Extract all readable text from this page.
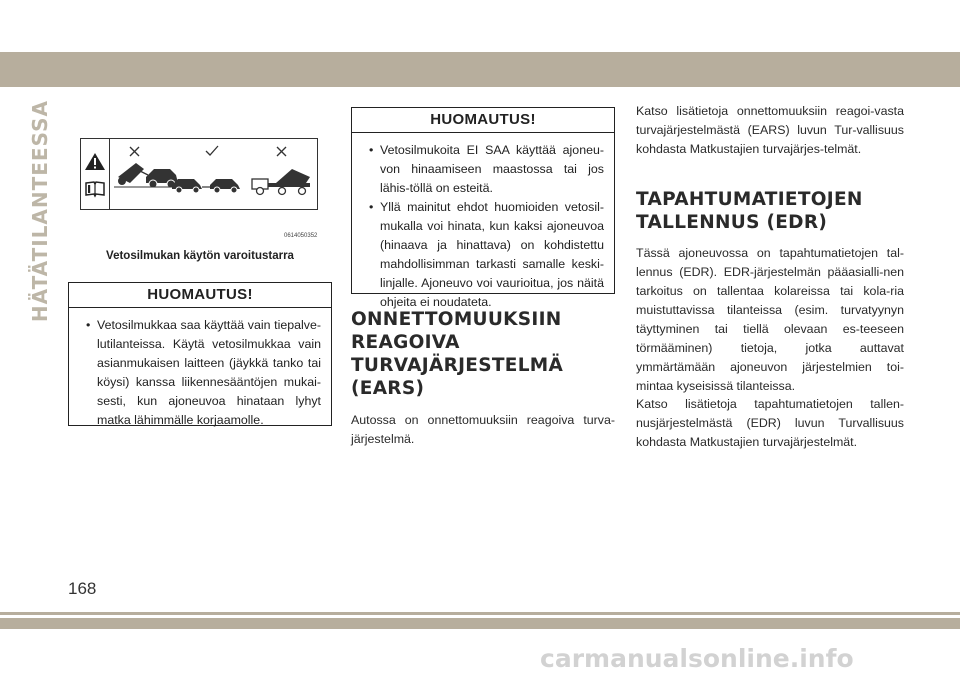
HÄTÄTILANTEESSA	0614050352
Vetosilmukan käytön varoitustarra
HUOMAUTUS!
• Vetosilmukkaa saa käyttää vain tiepalve-lutilanteissa. Käytä vetosilmukkaa vain asianmukaisen laitteen (jäykkä tanko tai köysi) kanssa liikennesääntöjen mukai-sesti, kun ajoneuvoa hinataan lyhyt matka lähimmälle korjaamolle.
HUOMAUTUS!
• Vetosilmukoita EI SAA käyttää ajoneu-von hinaamiseen maastossa tai jos lähis-töllä on esteitä.
• Yllä mainitut ehdot huomioiden vetosil-mukalla voi hinata, kun kaksi ajoneuvoa (hinaava ja hinattava) on kohdistettu mahdollisimman tarkasti samalle keski-linjalle. Ajoneuvo voi vaurioitua, jos näitä ohjeita ei noudateta.
ONNETTOMUUKSIIN
REAGOIVA
TURVAJÄRJESTELMÄ
(EARS)

Autossa on onnettomuuksiin reagoiva turva-järjestelmä.

Katso lisätietoja onnettomuuksiin reagoi-vasta turvajärjestelmästä (EARS) luvun Tur-vallisuus kohdasta Matkustajien turvajärjes-telmät.

TAPAHTUMATIETOJEN
TALLENNUS (EDR)

Tässä ajoneuvossa on tapahtumatietojen tal-lennus (EDR). EDR-järjestelmän pääasialli-nen tarkoitus on tallentaa kolareissa tai kola-ria muistuttavissa tilanteissa (esim. turvatyynyn täyttyminen tai tiellä olevaan es-teeseen törmääminen) tietoja, jotka auttavat ymmärtämään ajoneuvon järjestelmien toi-mintaa kyseisissä tilanteissa.

Katso lisätietoja tapahtumatietojen tallen-nusjärjestelmästä (EDR) luvun Turvallisuus kohdasta Matkustajien turvajärjestelmät.

168
carmanualsonline.info
